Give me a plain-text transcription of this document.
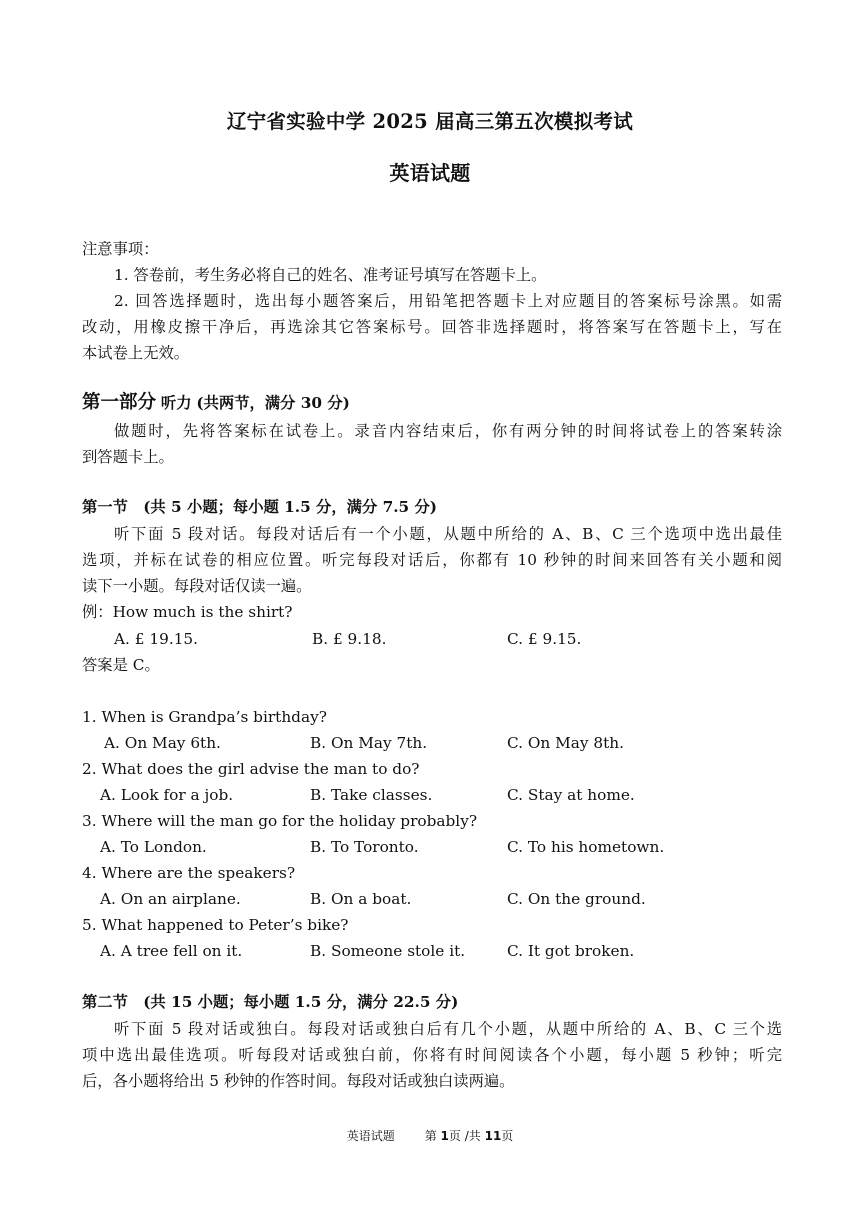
辽宁省实验中学 2025 届高三第五次模拟考试
英语试题
注意事项：
1. 答卷前，考生务必将自己的姓名、准考证号填写在答题卡上。
2. 回答选择题时，选出每小题答案后，用铅笔把答题卡上对应题目的答案标号涂黑。如需
改动，用橡皮擦干净后，再选涂其它答案标号。回答非选择题时，将答案写在答题卡上，写在
本试卷上无效。
第一部分 听力 (共两节，满分 30 分)
做题时，先将答案标在试卷上。录音内容结束后，你有两分钟的时间将试卷上的答案转涂
到答题卡上。
第一节　(共 5 小题；每小题 1.5 分，满分 7.5 分)
听下面 5 段对话。每段对话后有一个小题，从题中所给的 A、B、C 三个选项中选出最佳
选项，并标在试卷的相应位置。听完每段对话后，你都有 10 秒钟的时间来回答有关小题和阅
读下一小题。每段对话仅读一遍。
例：How much is the shirt?
A. £ 19.15.	B. £ 9.18.	C. £ 9.15.
答案是 C。
1. When is Grandpa’s birthday?
A. On May 6th.	B. On May 7th.	C. On May 8th.
2. What does the girl advise the man to do?
A. Look for a job.	B. Take classes.	C. Stay at home.
3. Where will the man go for the holiday probably?
A. To London.	B. To Toronto.	C. To his hometown.
4. Where are the speakers?
A. On an airplane.	B. On a boat.	C. On the ground.
5. What happened to Peter’s bike?
A. A tree fell on it.	B. Someone stole it.	C. It got broken.
第二节　(共 15 小题；每小题 1.5 分，满分 22.5 分)
听下面 5 段对话或独白。每段对话或独白后有几个小题，从题中所给的 A、B、C 三个选
项中选出最佳选项。听每段对话或独白前，你将有时间阅读各个小题，每小题 5 秒钟；听完
后，各小题将给出 5 秒钟的作答时间。每段对话或独白读两遍。
英语试题	第 1页 /共 11页
